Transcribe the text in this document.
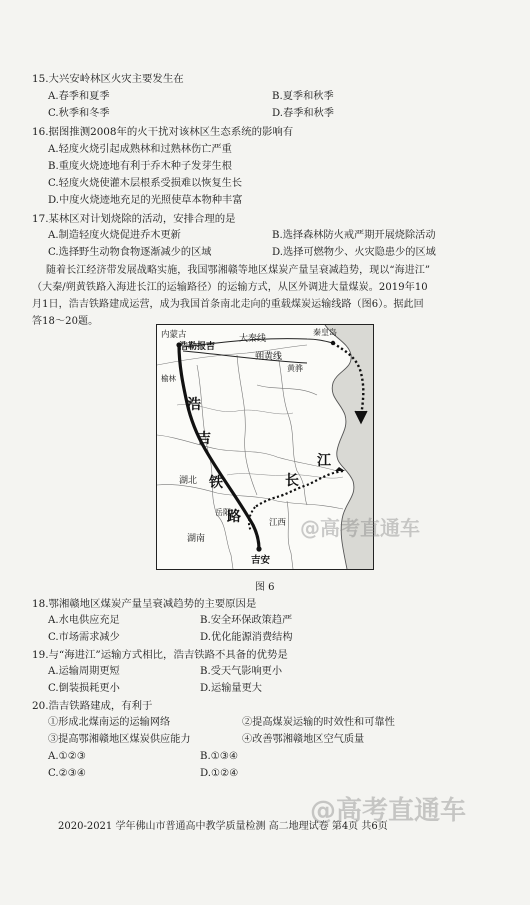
15.大兴安岭林区火灾主要发生在
A.春季和夏季	B.夏季和秋季
C.秋季和冬季	D.春季和秋季
16.据图推测2008年的火干扰对该林区生态系统的影响有
A.轻度火烧引起成熟林和过熟林伤亡严重
B.重度火烧迹地有利于乔木种子发芽生根
C.轻度火烧使灌木层根系受损难以恢复生长
D.中度火烧迹地充足的光照使草本物种丰富
17.某林区对计划烧除的活动，安排合理的是
A.制造轻度火烧促进乔木更新	B.选择森林防火戒严期开展烧除活动
C.选择野生动物食物逐渐减少的区域	D.选择可燃物少、火灾隐患少的区域
随着长江经济带发展战略实施，我国鄂湘赣等地区煤炭产量呈衰减趋势，现以“海进江”
（大秦/朔黄铁路入海进长江的运输路径）的运输方式，从区外调进大量煤炭。2019年10
月1日，浩吉铁路建成运营，成为我国首条南北走向的重载煤炭运输线路（图6）。据此回
答18～20题。
内蒙古
浩勒报吉
大秦线
朔黄线
秦皇岛
黄骅
榆林
浩
吉
铁
路
江
长
湖北
岳阳
江西
湖南
吉安
图 6
18.鄂湘赣地区煤炭产量呈衰减趋势的主要原因是
A.水电供应充足	B.安全环保政策趋严
C.市场需求减少	D.优化能源消费结构
19.与“海进江”运输方式相比，浩吉铁路不具备的优势是
A.运输周期更短	B.受天气影响更小
C.倒装损耗更小	D.运输量更大
20.浩吉铁路建成，有利于
①形成北煤南运的运输网络	②提高煤炭运输的时效性和可靠性
③提高鄂湘赣地区煤炭供应能力	④改善鄂湘赣地区空气质量
A.①②③	B.①③④
C.②③④	D.①②④
2020-2021 学年佛山市普通高中教学质量检测 高二地理试卷 第4页 共6页
@高考直通车
@高考直通车
